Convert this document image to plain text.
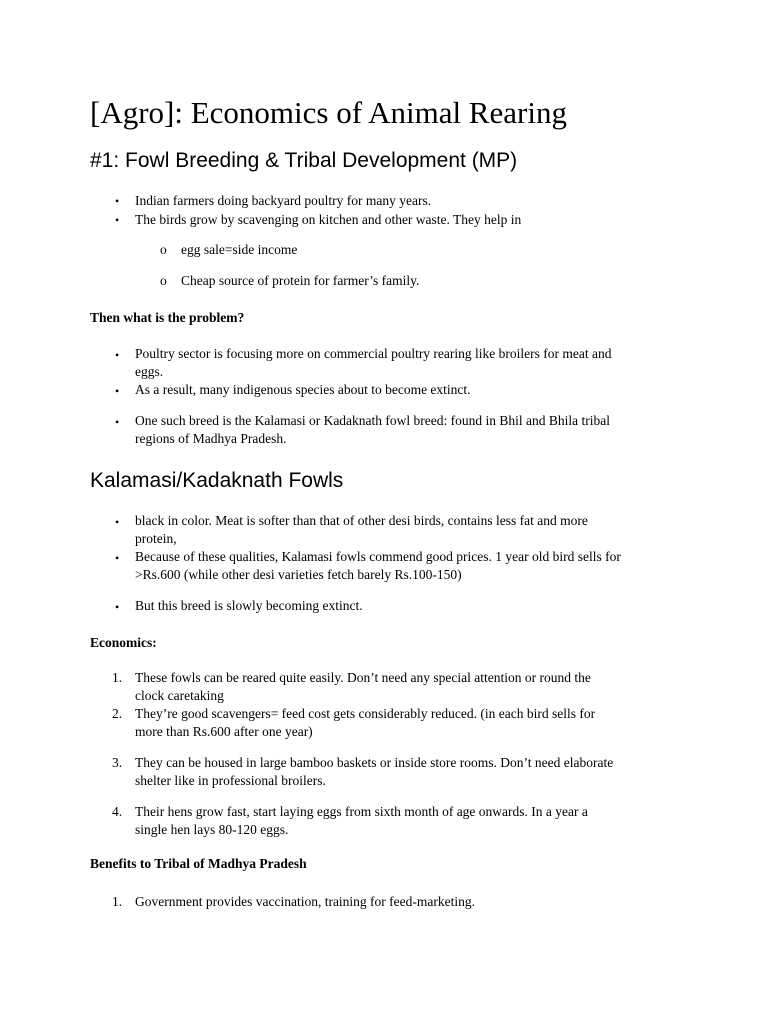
[Agro]: Economics of Animal Rearing
#1: Fowl Breeding & Tribal Development (MP)
• Indian farmers doing backyard poultry for many years.
• The birds grow by scavenging on kitchen and other waste. They help in
o egg sale=side income
o Cheap source of protein for farmer’s family.
Then what is the problem?
• Poultry sector is focusing more on commercial poultry rearing like broilers for meat and
eggs.
• As a result, many indigenous species about to become extinct.
• One such breed is the Kalamasi or Kadaknath fowl breed: found in Bhil and Bhila tribal
regions of Madhya Pradesh.
Kalamasi/Kadaknath Fowls
• black in color. Meat is softer than that of other desi birds, contains less fat and more
protein,
• Because of these qualities, Kalamasi fowls commend good prices. 1 year old bird sells for
>Rs.600 (while other desi varieties fetch barely Rs.100-150)
• But this breed is slowly becoming extinct.
Economics:
1. These fowls can be reared quite easily. Don’t need any special attention or round the
clock caretaking
2. They’re good scavengers= feed cost gets considerably reduced. (in each bird sells for
more than Rs.600 after one year)
3. They can be housed in large bamboo baskets or inside store rooms. Don’t need elaborate
shelter like in professional broilers.
4. Their hens grow fast, start laying eggs from sixth month of age onwards. In a year a
single hen lays 80-120 eggs.
Benefits to Tribal of Madhya Pradesh
1. Government provides vaccination, training for feed-marketing.
